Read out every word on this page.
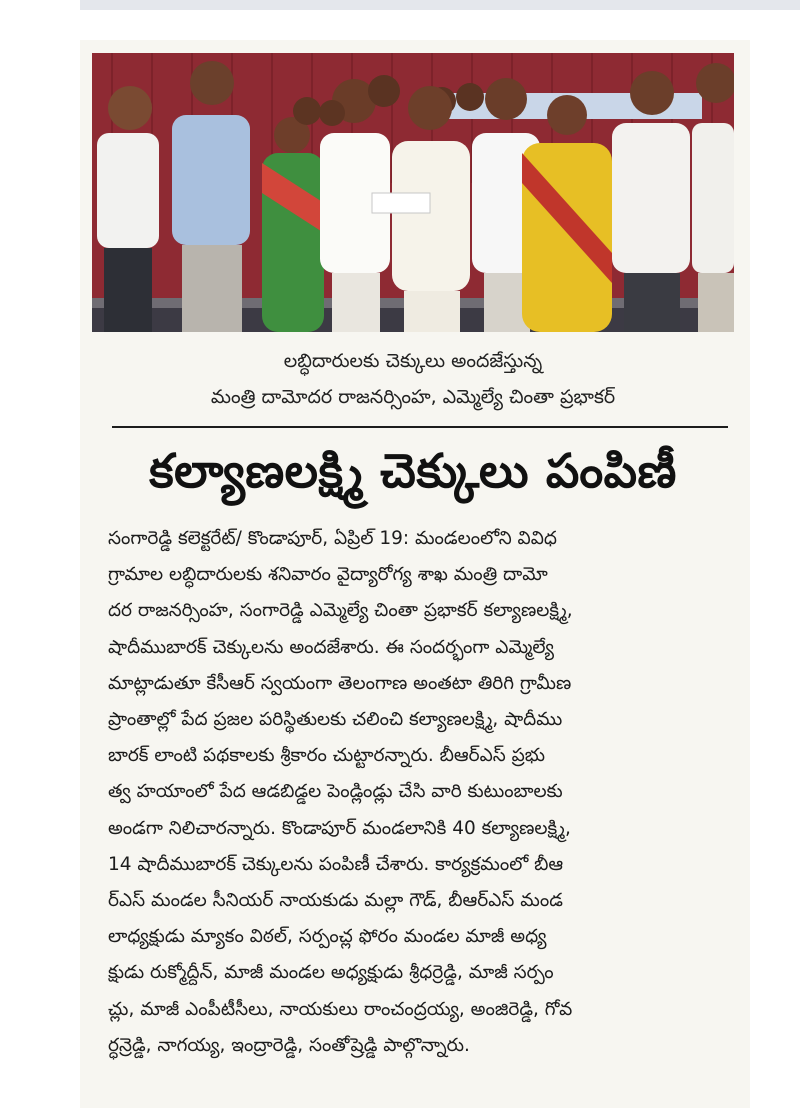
లబ్ధిదారులకు చెక్కులు అందజేస్తున్న
మంత్రి దామోదర రాజనర్సింహ, ఎమ్మెల్యే చింతా ప్రభాకర్
కల్యాణలక్ష్మి చెక్కులు పంపిణీ
సంగారెడ్డి కలెక్టరేట్/ కొండాపూర్, ఏప్రిల్ 19: మండలంలోని వివిధ
గ్రామాల లబ్ధిదారులకు శనివారం వైద్యారోగ్య శాఖ మంత్రి దామో
దర రాజనర్సింహ, సంగారెడ్డి ఎమ్మెల్యే చింతా ప్రభాకర్ కల్యాణలక్ష్మి,
షాదీముబారక్ చెక్కులను అందజేశారు. ఈ సందర్భంగా ఎమ్మెల్యే
మాట్లాడుతూ కేసీఆర్ స్వయంగా తెలంగాణ అంతటా తిరిగి గ్రామీణ
ప్రాంతాల్లో పేద ప్రజల పరిస్థితులకు చలించి కల్యాణలక్ష్మి, షాదీము
బారక్ లాంటి పథకాలకు శ్రీకారం చుట్టారన్నారు. బీఆర్ఎస్ ప్రభు
త్వ హయాంలో పేద ఆడబిడ్డల పెండ్లిండ్లు చేసి వారి కుటుంబాలకు
అండగా నిలిచారన్నారు. కొండాపూర్ మండలానికి 40 కల్యాణలక్ష్మి,
14 షాదీముబారక్ చెక్కులను పంపిణీ చేశారు. కార్యక్రమంలో బీఆ
ర్ఎస్ మండల సీనియర్ నాయకుడు మల్లా గౌడ్, బీఆర్ఎస్ మండ
లాధ్యక్షుడు మ్యాకం విఠల్, సర్పంచ్ల ఫోరం మండల మాజీ అధ్య
క్షుడు రుక్మోద్దీన్, మాజీ మండల అధ్యక్షుడు శ్రీధర్రెడ్డి, మాజీ సర్పం
చ్లు, మాజీ ఎంపీటీసీలు, నాయకులు రాంచంద్రయ్య, అంజిరెడ్డి, గోవ
ర్ధన్రెడ్డి, నాగయ్య, ఇంద్రారెడ్డి, సంతోష్రెడ్డి పాల్గొన్నారు.
